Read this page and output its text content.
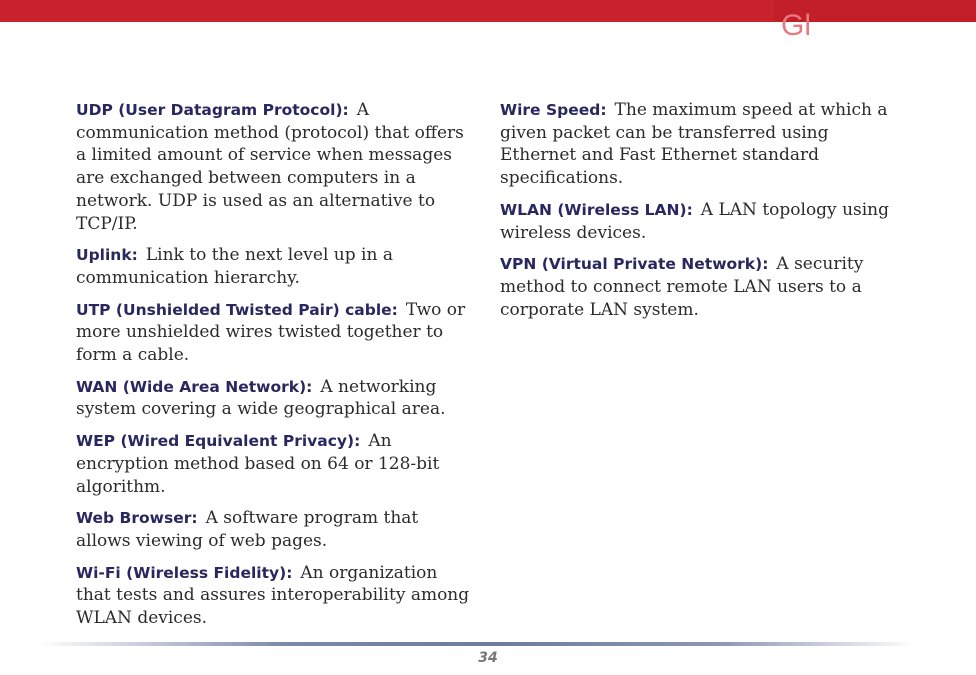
Gl

UDP (User Datagram Protocol): A communication method (protocol) that offers a limited amount of service when messages are exchanged between computers in a network. UDP is used as an alternative to TCP/IP.

Uplink: Link to the next level up in a communication hierarchy.

UTP (Unshielded Twisted Pair) cable: Two or more unshielded wires twisted together to form a cable.

WAN (Wide Area Network): A networking system covering a wide geographical area.

WEP (Wired Equivalent Privacy): An encryption method based on 64 or 128-bit algorithm.

Web Browser: A software program that allows viewing of web pages.

Wi-Fi (Wireless Fidelity): An organization that tests and assures interoperability among WLAN devices.

Wire Speed: The maximum speed at which a given packet can be transferred using Ethernet and Fast Ethernet standard specifications.

WLAN (Wireless LAN): A LAN topology using wireless devices.

VPN (Virtual Private Network): A security method to connect remote LAN users to a corporate LAN system.

34
